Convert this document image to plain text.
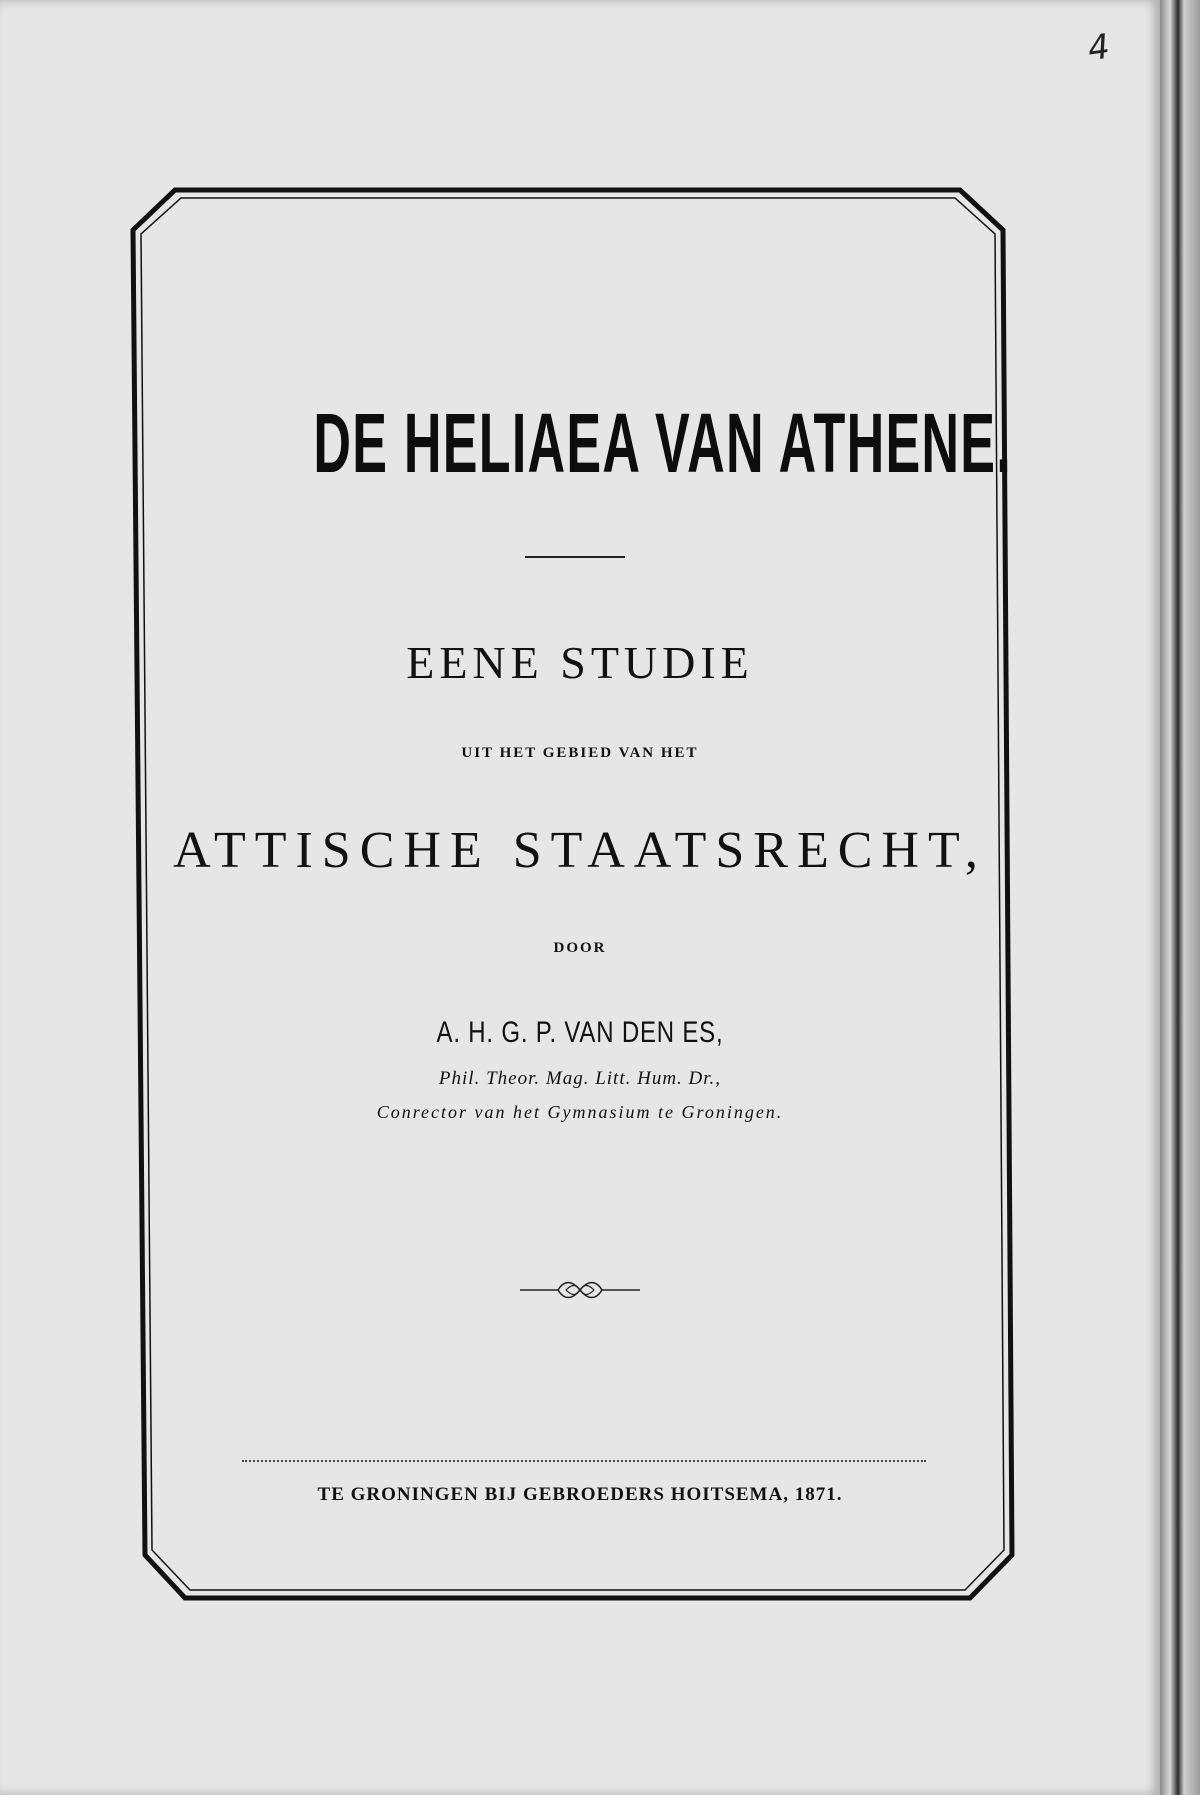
4

DE HELIAEA VAN ATHENE.

EENE STUDIE

UIT HET GEBIED VAN HET

ATTISCHE STAATSRECHT,

DOOR

A. H. G. P. VAN DEN ES,

Phil. Theor. Mag. Litt. Hum. Dr.,

Conrector van het Gymnasium te Groningen.

TE GRONINGEN BIJ GEBROEDERS HOITSEMA, 1871.
